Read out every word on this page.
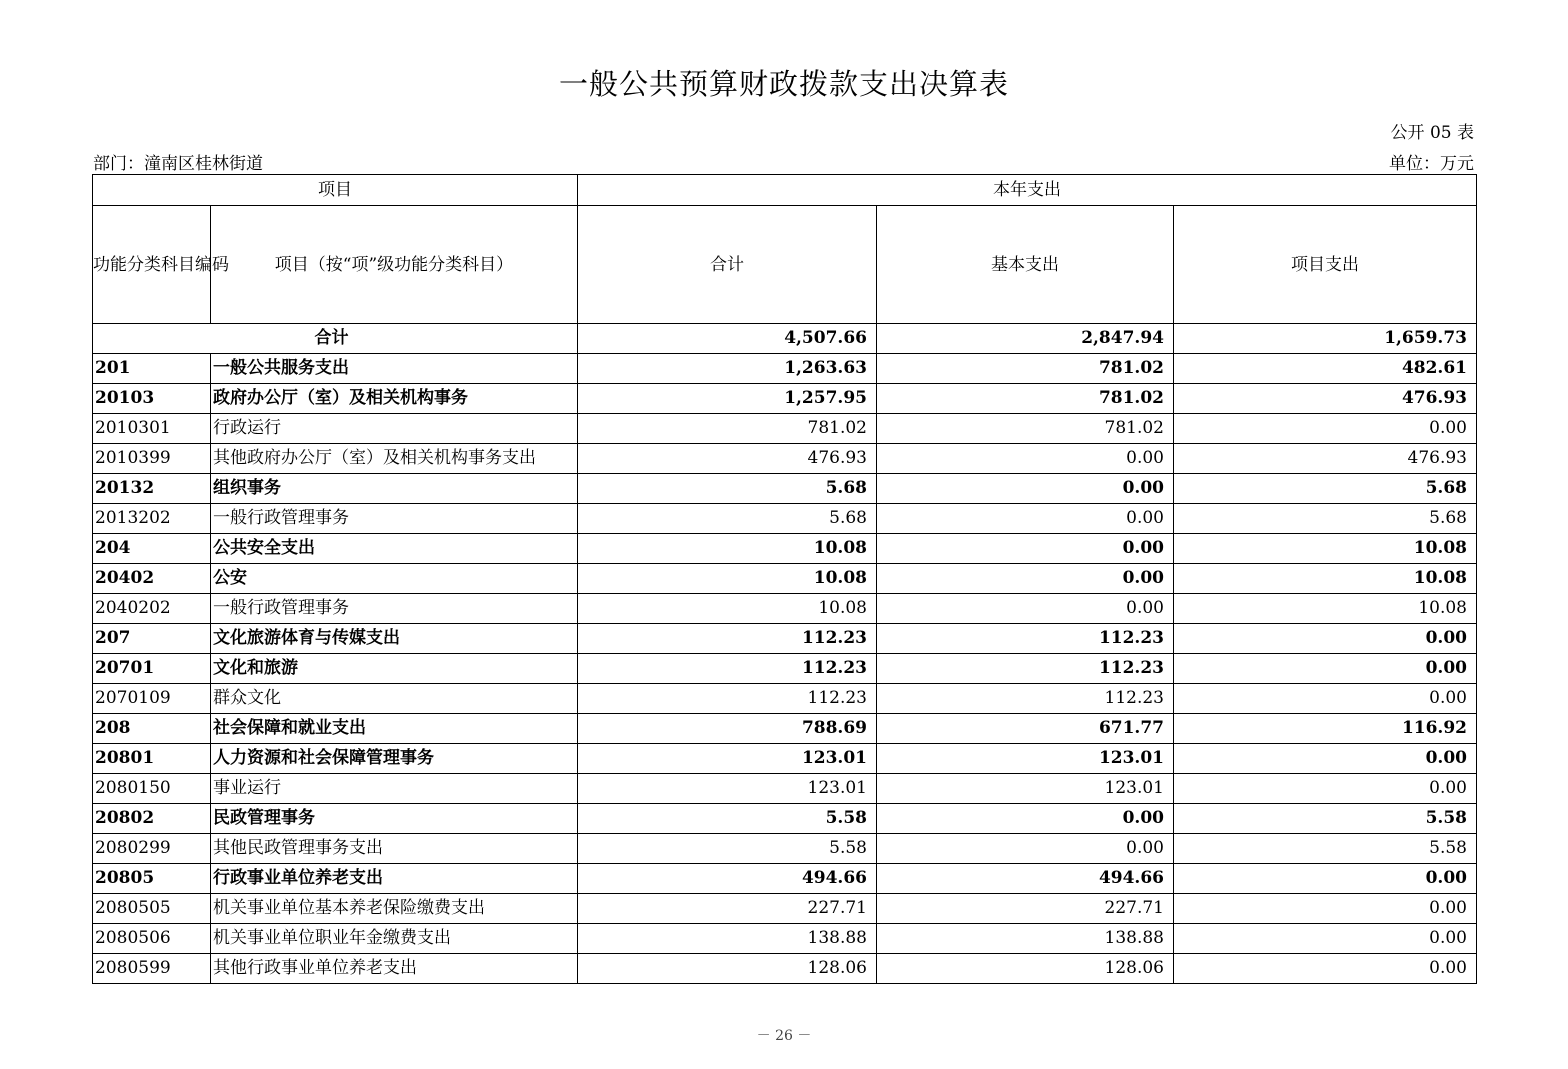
一般公共预算财政拨款支出决算表
公开 05 表
部门：潼南区桂林街道	单位：万元
项目		本年支出		
功能分类科目编码	项目（按“项”级功能分类科目）	合计	基本支出	项目支出
合计		4,507.66	2,847.94	1,659.73
201	一般公共服务支出	1,263.63	781.02	482.61
20103	政府办公厅（室）及相关机构事务	1,257.95	781.02	476.93
2010301	行政运行	781.02	781.02	0.00
2010399	其他政府办公厅（室）及相关机构事务支出	476.93	0.00	476.93
20132	组织事务	5.68	0.00	5.68
2013202	一般行政管理事务	5.68	0.00	5.68
204	公共安全支出	10.08	0.00	10.08
20402	公安	10.08	0.00	10.08
2040202	一般行政管理事务	10.08	0.00	10.08
207	文化旅游体育与传媒支出	112.23	112.23	0.00
20701	文化和旅游	112.23	112.23	0.00
2070109	群众文化	112.23	112.23	0.00
208	社会保障和就业支出	788.69	671.77	116.92
20801	人力资源和社会保障管理事务	123.01	123.01	0.00
2080150	事业运行	123.01	123.01	0.00
20802	民政管理事务	5.58	0.00	5.58
2080299	其他民政管理事务支出	5.58	0.00	5.58
20805	行政事业单位养老支出	494.66	494.66	0.00
2080505	机关事业单位基本养老保险缴费支出	227.71	227.71	0.00
2080506	机关事业单位职业年金缴费支出	138.88	138.88	0.00
2080599	其他行政事业单位养老支出	128.06	128.06	0.00
－ 26 －
